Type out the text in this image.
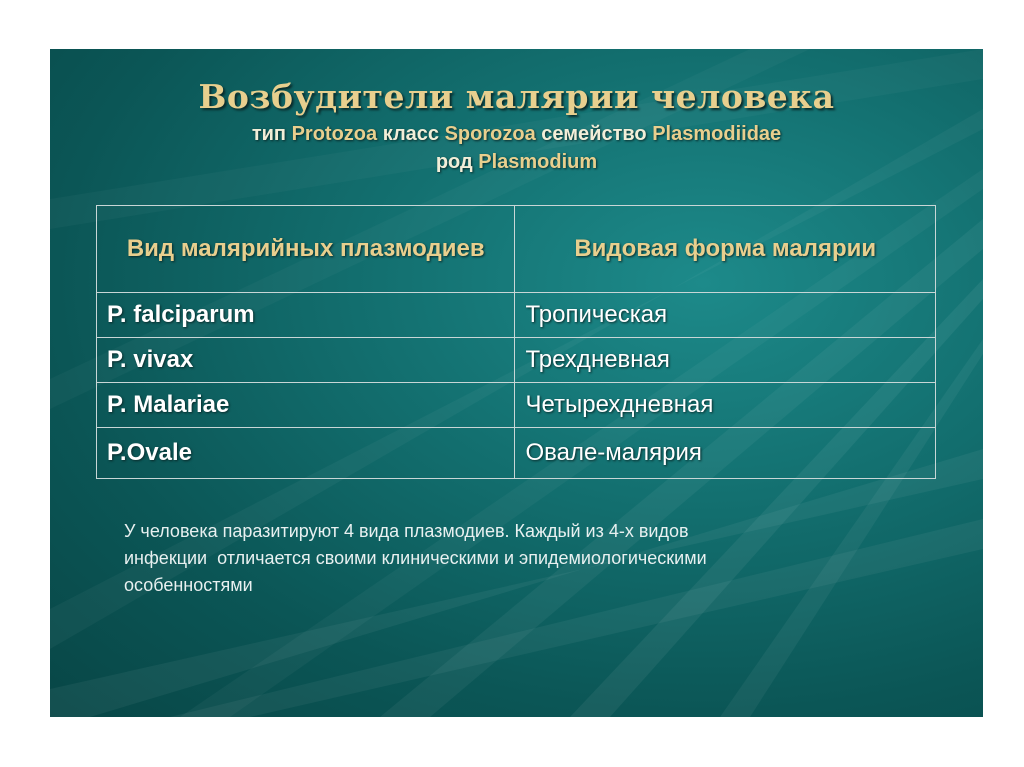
Возбудители малярии человека
тип Protozoa класс Sporozoa семейство Plasmodiidae
род Plasmodium
Вид малярийных плазмодиев	Видовая форма малярии
P. falciparum	Тропическая
P. vivax	Трехдневная
P. Malariae	Четырехдневная
P.Ovale	Овале-малярия
У человека паразитируют 4 вида плазмодиев. Каждый из 4-х видов
инфекции  отличается своими клиническими и эпидемиологическими
особенностями
